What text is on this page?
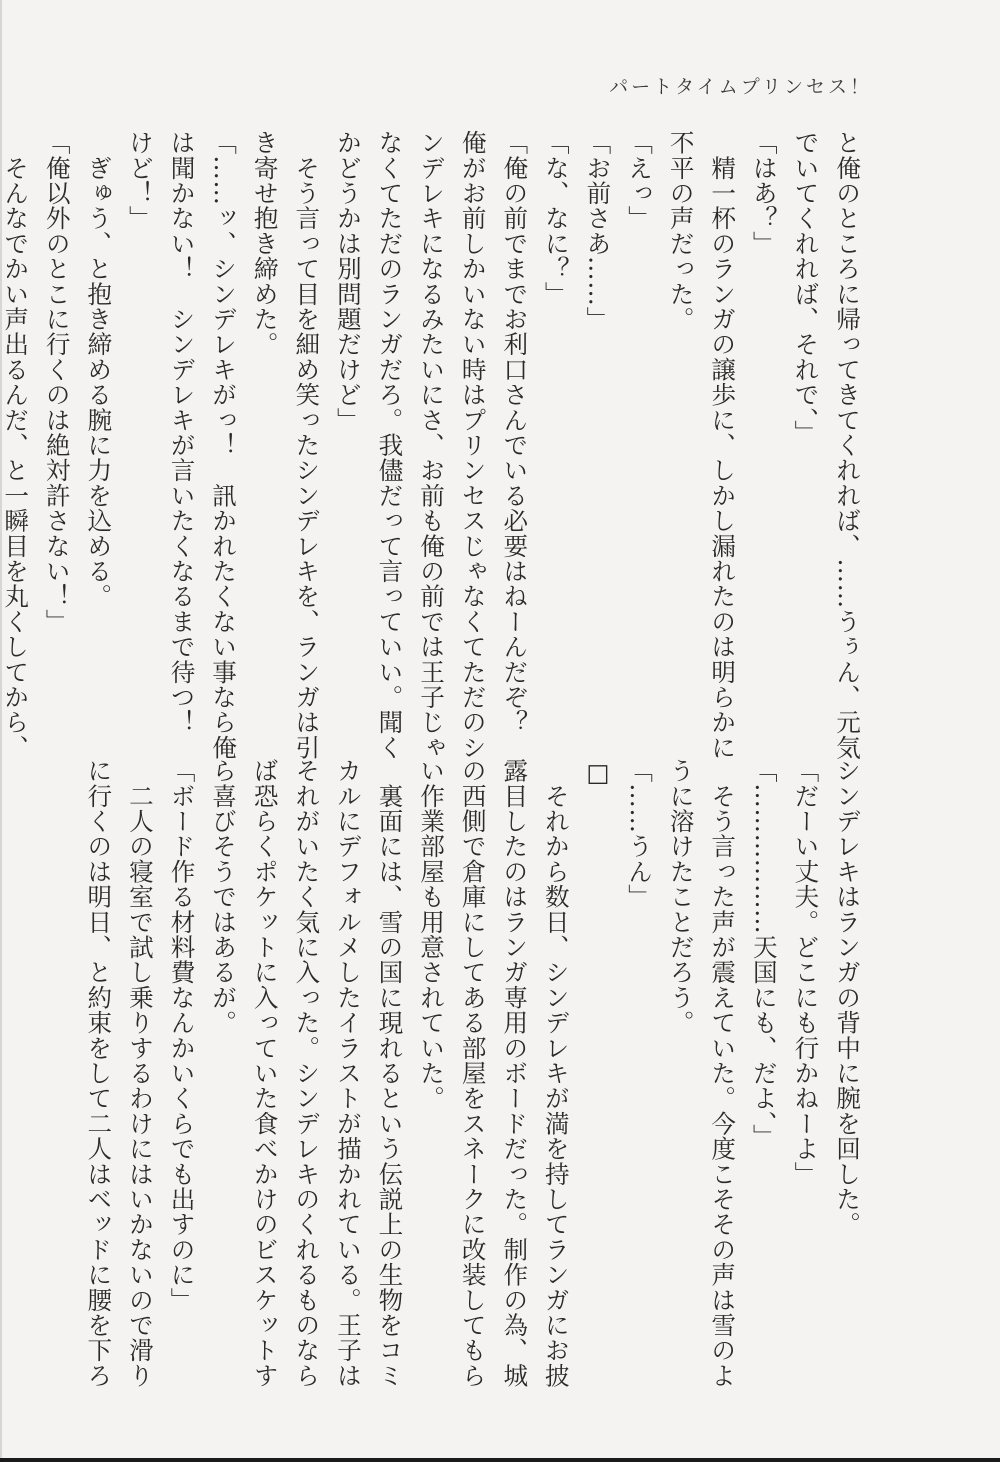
パートタイムプリンセス！

と俺のところに帰ってきてくれれば、……うぅん、元気

でいてくれれば、それで、」

「はあ？」

　精一杯のランガの譲歩に、しかし漏れたのは明らかに

不平の声だった。

「えっ」

「お前さあ……」

「な、なに？」

「俺の前でまでお利口さんでいる必要はねーんだぞ？

俺がお前しかいない時はプリンセスじゃなくてただのシ

ンデレキになるみたいにさ、お前も俺の前では王子じゃ

なくてただのランガだろ。我儘だって言っていい。聞く

かどうかは別問題だけど」

　そう言って目を細め笑ったシンデレキを、ランガは引

き寄せ抱き締めた。

「……ッ、シンデレキがっ！　訊かれたくない事なら俺

は聞かない！　シンデレキが言いたくなるまで待つ！

けど！」

　ぎゅう、と抱き締める腕に力を込める。

「俺以外のとこに行くのは絶対許さない！」

　そんなでかい声出るんだ、と一瞬目を丸くしてから、

シンデレキはランガの背中に腕を回した。

「だーい丈夫。どこにも行かねーよ」

「………………天国にも、だよ、」

　そう言った声が震えていた。今度こそその声は雪のよ

うに溶けたことだろう。

「……うん」

□

　それから数日、シンデレキが満を持してランガにお披

露目したのはランガ専用のボードだった。制作の為、城

の西側で倉庫にしてある部屋をスネークに改装してもら

い作業部屋も用意されていた。

　裏面には、雪の国に現れるという伝説上の生物をコミ

カルにデフォルメしたイラストが描かれている。王子は

それがいたく気に入った。シンデレキのくれるものなら

ば恐らくポケットに入っていた食べかけのビスケットす

ら喜びそうではあるが。

「ボード作る材料費なんかいくらでも出すのに」

　二人の寝室で試し乗りするわけにはいかないので滑り

に行くのは明日、と約束をして二人はベッドに腰を下ろ
